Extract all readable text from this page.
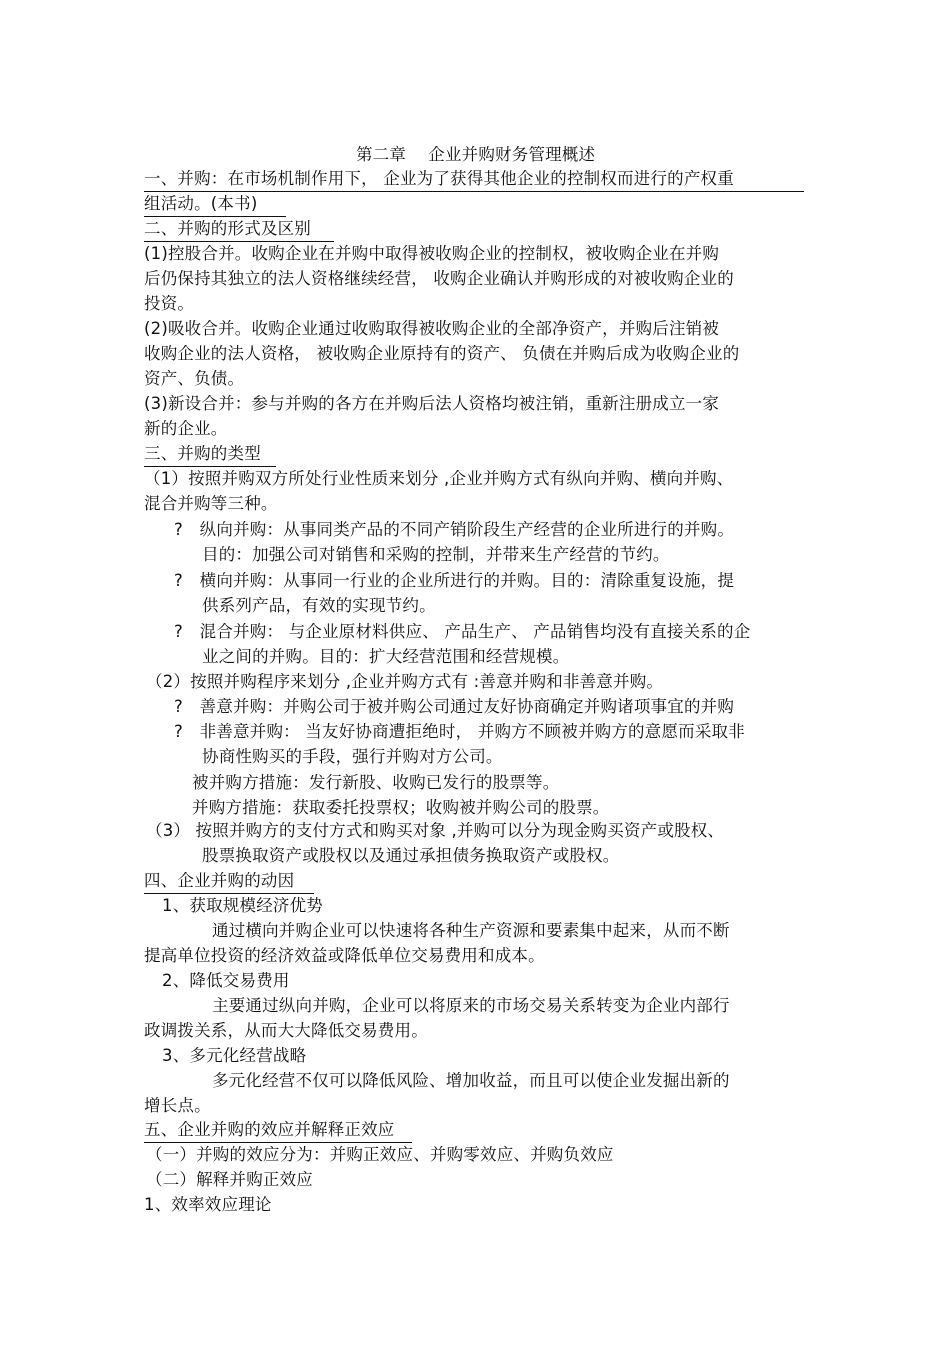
第二章　 企业并购财务管理概述
一、并购：在市场机制作用下， 企业为了获得其他企业的控制权而进行的产权重
组活动。(本书)
二、并购的形式及区别
(1)控股合并。收购企业在并购中取得被收购企业的控制权，被收购企业在并购
后仍保持其独立的法人资格继续经营， 收购企业确认并购形成的对被收购企业的
投资。
(2)吸收合并。收购企业通过收购取得被收购企业的全部净资产，并购后注销被
收购企业的法人资格， 被收购企业原持有的资产、 负债在并购后成为收购企业的
资产、负债。
(3)新设合并：参与并购的各方在并购后法人资格均被注销，重新注册成立一家
新的企业。
三、并购的类型
（1）按照并购双方所处行业性质来划分 ,企业并购方式有纵向并购、横向并购、
混合并购等三种。
?　纵向并购：从事同类产品的不同产销阶段生产经营的企业所进行的并购。
目的：加强公司对销售和采购的控制，并带来生产经营的节约。
?　横向并购：从事同一行业的企业所进行的并购。目的：清除重复设施，提
供系列产品，有效的实现节约。
?　混合并购： 与企业原材料供应、 产品生产、 产品销售均没有直接关系的企
业之间的并购。目的：扩大经营范围和经营规模。
（2）按照并购程序来划分 ,企业并购方式有 :善意并购和非善意并购。
?　善意并购：并购公司于被并购公司通过友好协商确定并购诸项事宜的并购
?　非善意并购： 当友好协商遭拒绝时， 并购方不顾被并购方的意愿而采取非
协商性购买的手段，强行并购对方公司。
被并购方措施：发行新股、收购已发行的股票等。
并购方措施：获取委托投票权；收购被并购公司的股票。
（3） 按照并购方的支付方式和购买对象 ,并购可以分为现金购买资产或股权、
股票换取资产或股权以及通过承担债务换取资产或股权。
四、企业并购的动因
1、获取规模经济优势
通过横向并购企业可以快速将各种生产资源和要素集中起来，从而不断
提高单位投资的经济效益或降低单位交易费用和成本。
2、降低交易费用
主要通过纵向并购，企业可以将原来的市场交易关系转变为企业内部行
政调拨关系，从而大大降低交易费用。
3、多元化经营战略
多元化经营不仅可以降低风险、增加收益，而且可以使企业发掘出新的
增长点。
五、企业并购的效应并解释正效应
（一）并购的效应分为：并购正效应、并购零效应、并购负效应
（二）解释并购正效应
1、效率效应理论
